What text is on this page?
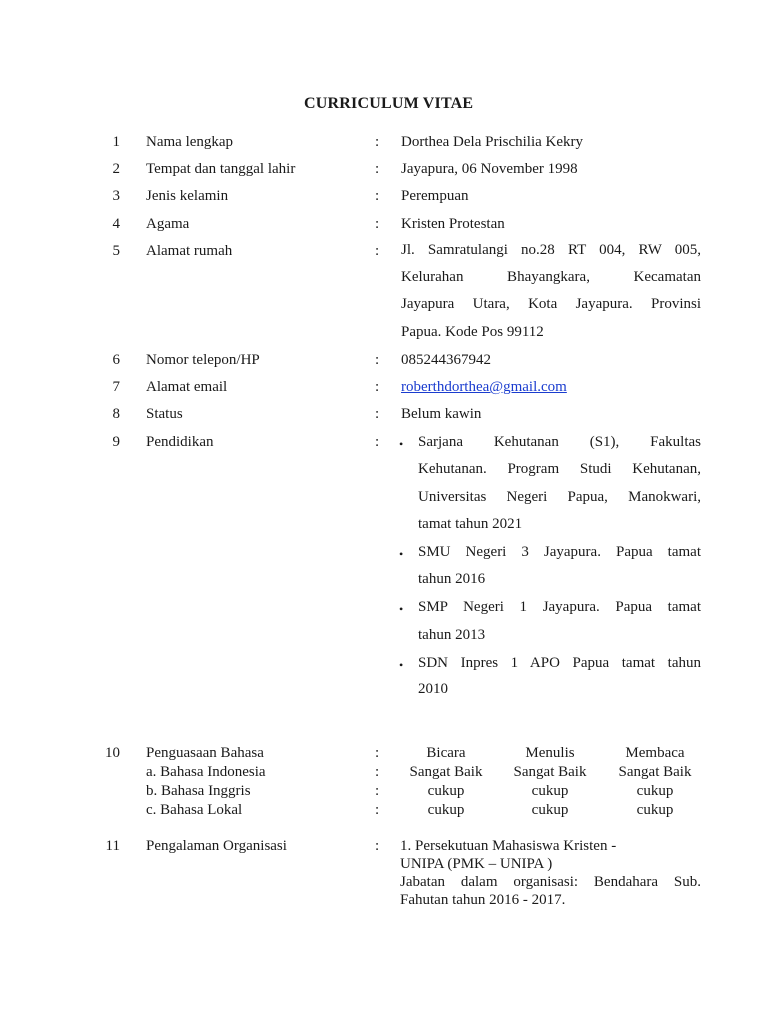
CURRICULUM VITAE
1 Nama lengkap	: Dorthea Dela Prischilia Kekry
2 Tempat dan tanggal lahir	: Jayapura, 06 November 1998
3 Jenis kelamin	: Perempuan
4 Agama	: Kristen Protestan
5 Alamat rumah	: Jl. Samratulangi no.28 RT 004, RW 005,
Kelurahan Bhayangkara, Kecamatan
Jayapura Utara, Kota Jayapura. Provinsi
Papua. Kode Pos 99112
6 Nomor telepon/HP	: 085244367942
7 Alamat email	: roberthdorthea@gmail.com
8 Status	: Belum kawin
9 Pendidikan	: • Sarjana Kehutanan (S1), Fakultas
Kehutanan. Program Studi Kehutanan,
Universitas Negeri Papua, Manokwari,
tamat tahun 2021
• SMU Negeri 3 Jayapura. Papua tamat
tahun 2016
• SMP Negeri 1 Jayapura. Papua tamat
tahun 2013
• SDN Inpres 1 APO Papua tamat tahun
2010
10 Penguasaan Bahasa	:	Bicara	Menulis	Membaca
a. Bahasa Indonesia	:	Sangat Baik	Sangat Baik	Sangat Baik
b. Bahasa Inggris	:	cukup	cukup	cukup
c. Bahasa Lokal	:	cukup	cukup	cukup
11 Pengalaman Organisasi	: 1. Persekutuan Mahasiswa Kristen -
UNIPA (PMK – UNIPA )
Jabatan dalam organisasi: Bendahara Sub.
Fahutan tahun 2016 - 2017.
